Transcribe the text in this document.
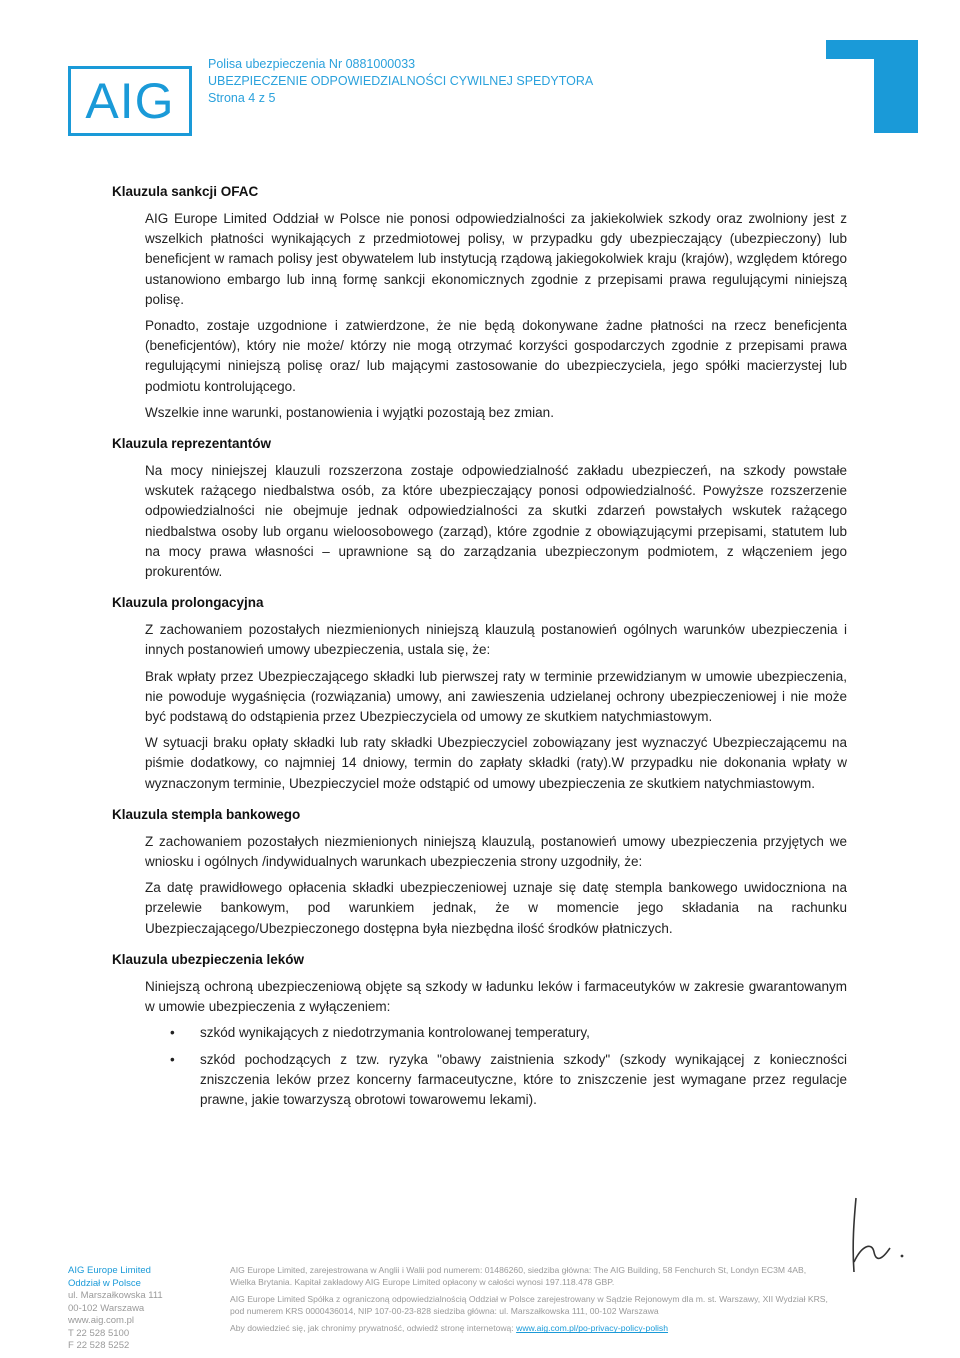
AIG
Polisa ubezpieczenia Nr 0881000033
UBEZPIECZENIE ODPOWIEDZIALNOŚCI CYWILNEJ SPEDYTORA
Strona 4 z 5
Klauzula sankcji OFAC

AIG Europe Limited Oddział w Polsce nie ponosi odpowiedzialności za jakiekolwiek szkody oraz zwolniony jest z wszelkich płatności wynikających z przedmiotowej polisy, w przypadku gdy ubezpieczający (ubezpieczony) lub beneficjent w ramach polisy jest obywatelem lub instytucją rządową jakiegokolwiek kraju (krajów), względem którego ustanowiono embargo lub inną formę sankcji ekonomicznych zgodnie z przepisami prawa regulującymi niniejszą polisę.

Ponadto, zostaje uzgodnione i zatwierdzone, że nie będą dokonywane żadne płatności na rzecz beneficjenta (beneficjentów), który nie może/ którzy nie mogą otrzymać korzyści gospodarczych zgodnie z przepisami prawa regulującymi niniejszą polisę oraz/ lub mającymi zastosowanie do ubezpieczyciela, jego spółki macierzystej lub podmiotu kontrolującego.

Wszelkie inne warunki, postanowienia i wyjątki pozostają bez zmian.

Klauzula reprezentantów

Na mocy niniejszej klauzuli rozszerzona zostaje odpowiedzialność zakładu ubezpieczeń, na szkody powstałe wskutek rażącego niedbalstwa osób, za które ubezpieczający ponosi odpowiedzialność. Powyższe rozszerzenie odpowiedzialności nie obejmuje jednak odpowiedzialności za skutki zdarzeń powstałych wskutek rażącego niedbalstwa osoby lub organu wieloosobowego (zarząd), które zgodnie z obowiązującymi przepisami, statutem lub na mocy prawa własności – uprawnione są do zarządzania ubezpieczonym podmiotem, z włączeniem jego prokurentów.

Klauzula prolongacyjna

Z zachowaniem pozostałych niezmienionych niniejszą klauzulą postanowień ogólnych warunków ubezpieczenia i innych postanowień umowy ubezpieczenia, ustala się, że:

Brak wpłaty przez Ubezpieczającego składki lub pierwszej raty w terminie przewidzianym w umowie ubezpieczenia, nie powoduje wygaśnięcia (rozwiązania) umowy, ani zawieszenia udzielanej ochrony ubezpieczeniowej i nie może być podstawą do odstąpienia przez Ubezpieczyciela od umowy ze skutkiem natychmiastowym.

W sytuacji braku opłaty składki lub raty składki Ubezpieczyciel zobowiązany jest wyznaczyć Ubezpieczającemu na piśmie dodatkowy, co najmniej 14 dniowy, termin do zapłaty składki (raty).W przypadku nie dokonania wpłaty w wyznaczonym terminie, Ubezpieczyciel może odstąpić od umowy ubezpieczenia ze skutkiem natychmiastowym.

Klauzula stempla bankowego

Z zachowaniem pozostałych niezmienionych niniejszą klauzulą, postanowień umowy ubezpieczenia przyjętych we wniosku i ogólnych /indywidualnych warunkach ubezpieczenia strony uzgodniły, że:

Za datę prawidłowego opłacenia składki ubezpieczeniowej uznaje się datę stempla bankowego uwidoczniona na przelewie bankowym, pod warunkiem jednak, że w momencie jego składania na rachunku Ubezpieczającego/Ubezpieczonego dostępna była niezbędna ilość środków płatniczych.

Klauzula ubezpieczenia leków

Niniejszą ochroną ubezpieczeniową objęte są szkody w ładunku leków i farmaceutyków w zakresie gwarantowanym w umowie ubezpieczenia z wyłączeniem:

• szkód wynikających z niedotrzymania kontrolowanej temperatury,
• szkód pochodzących z tzw. ryzyka "obawy zaistnienia szkody" (szkody wynikającej z konieczności zniszczenia leków przez koncerny farmaceutyczne, które to zniszczenie jest wymagane przez regulacje prawne, jakie towarzyszą obrotowi towarowemu lekami).
AIG Europe Limited
Oddział w Polsce
ul. Marszałkowska 111
00-102 Warszawa
www.aig.com.pl
T 22 528 5100
F 22 528 5252

AIG Europe Limited, zarejestrowana w Anglii i Walii pod numerem: 01486260, siedziba główna: The AIG Building, 58 Fenchurch St, Londyn EC3M 4AB, Wielka Brytania. Kapitał zakładowy AIG Europe Limited opłacony w całości wynosi 197.118.478 GBP.

AIG Europe Limited Spółka z ograniczoną odpowiedzialnością Oddział w Polsce zarejestrowany w Sądzie Rejonowym dla m. st. Warszawy, XII Wydział KRS, pod numerem KRS 0000436014, NIP 107-00-23-828 siedziba główna: ul. Marszałkowska 111, 00-102 Warszawa

Aby dowiedzieć się, jak chronimy prywatność, odwiedź stronę internetową: www.aig.com.pl/po-privacy-policy-polish
